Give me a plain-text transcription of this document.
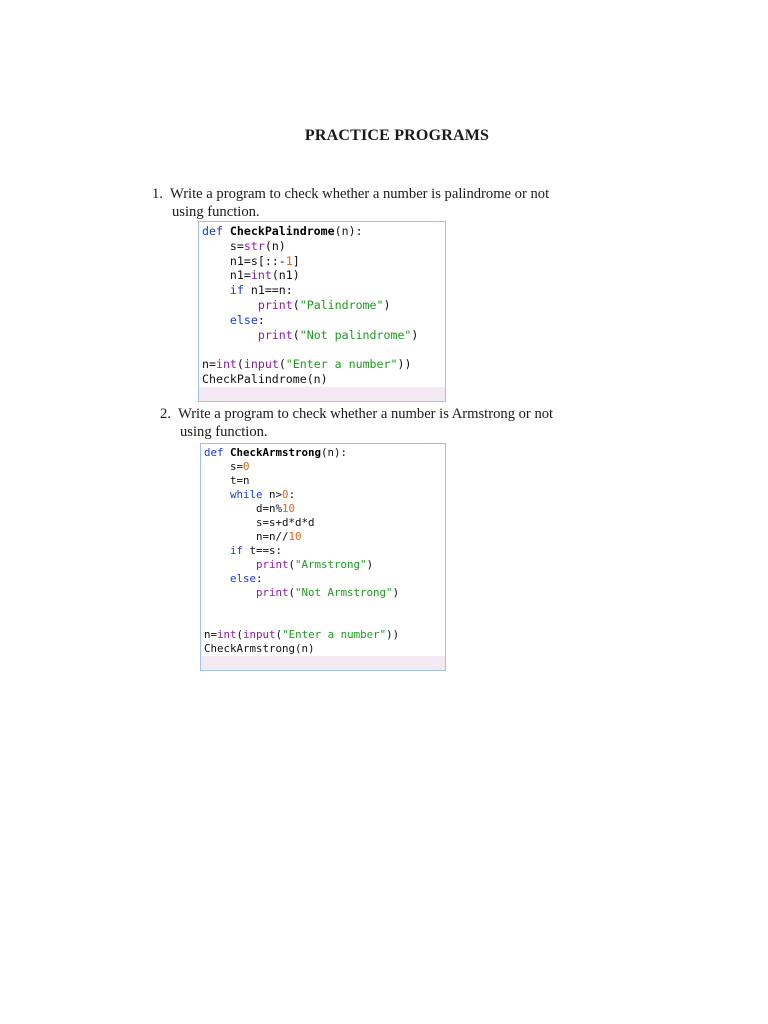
PRACTICE PROGRAMS
1. Write a program to check whether a number is palindrome or not
using function.
def CheckPalindrome(n):
s=str(n)
n1=s[::-1]
n1=int(n1)
if n1==n:
print("Palindrome")
else:
print("Not palindrome")
n=int(input("Enter a number"))
CheckPalindrome(n)
2. Write a program to check whether a number is Armstrong or not
using function.
def CheckArmstrong(n):
s=0
t=n
while n>0:
d=n%10
s=s+d*d*d
n=n//10
if t==s:
print("Armstrong")
else:
print("Not Armstrong")
n=int(input("Enter a number"))
CheckArmstrong(n)
